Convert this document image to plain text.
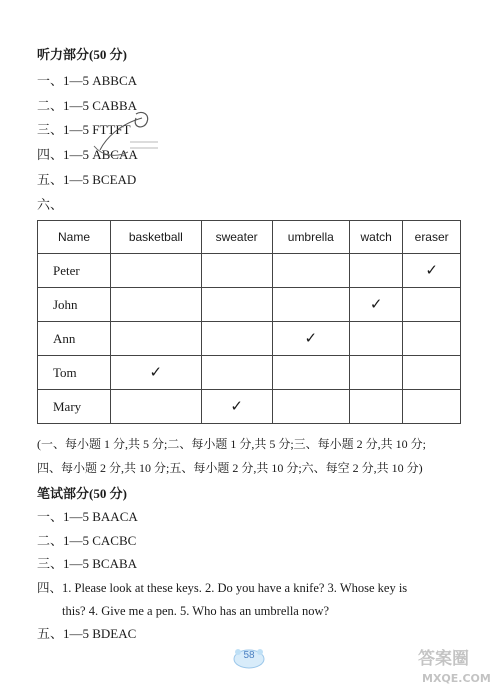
听力部分(50 分)
一、1—5 ABBCA
二、1—5 CABBA
三、1—5 FTTFT
四、1—5 ABCAA
五、1—5 BCEAD
六、
Name	basketball	sweater	umbrella	watch	eraser
Peter					✓
John				✓	
Ann			✓		
Tom	✓				
Mary		✓			
(一、每小题 1 分,共 5 分;二、每小题 1 分,共 5 分;三、每小题 2 分,共 10 分;
四、每小题 2 分,共 10 分;五、每小题 2 分,共 10 分;六、每空 2 分,共 10 分)
笔试部分(50 分)
一、1—5 BAACA
二、1—5 CACBC
三、1—5 BCABA
四、1. Please look at these keys. 2. Do you have a knife? 3. Whose key is
this? 4. Give me a pen. 5. Who has an umbrella now?
五、1—5 BDEAC
58	答案圈
MXQE.COM
